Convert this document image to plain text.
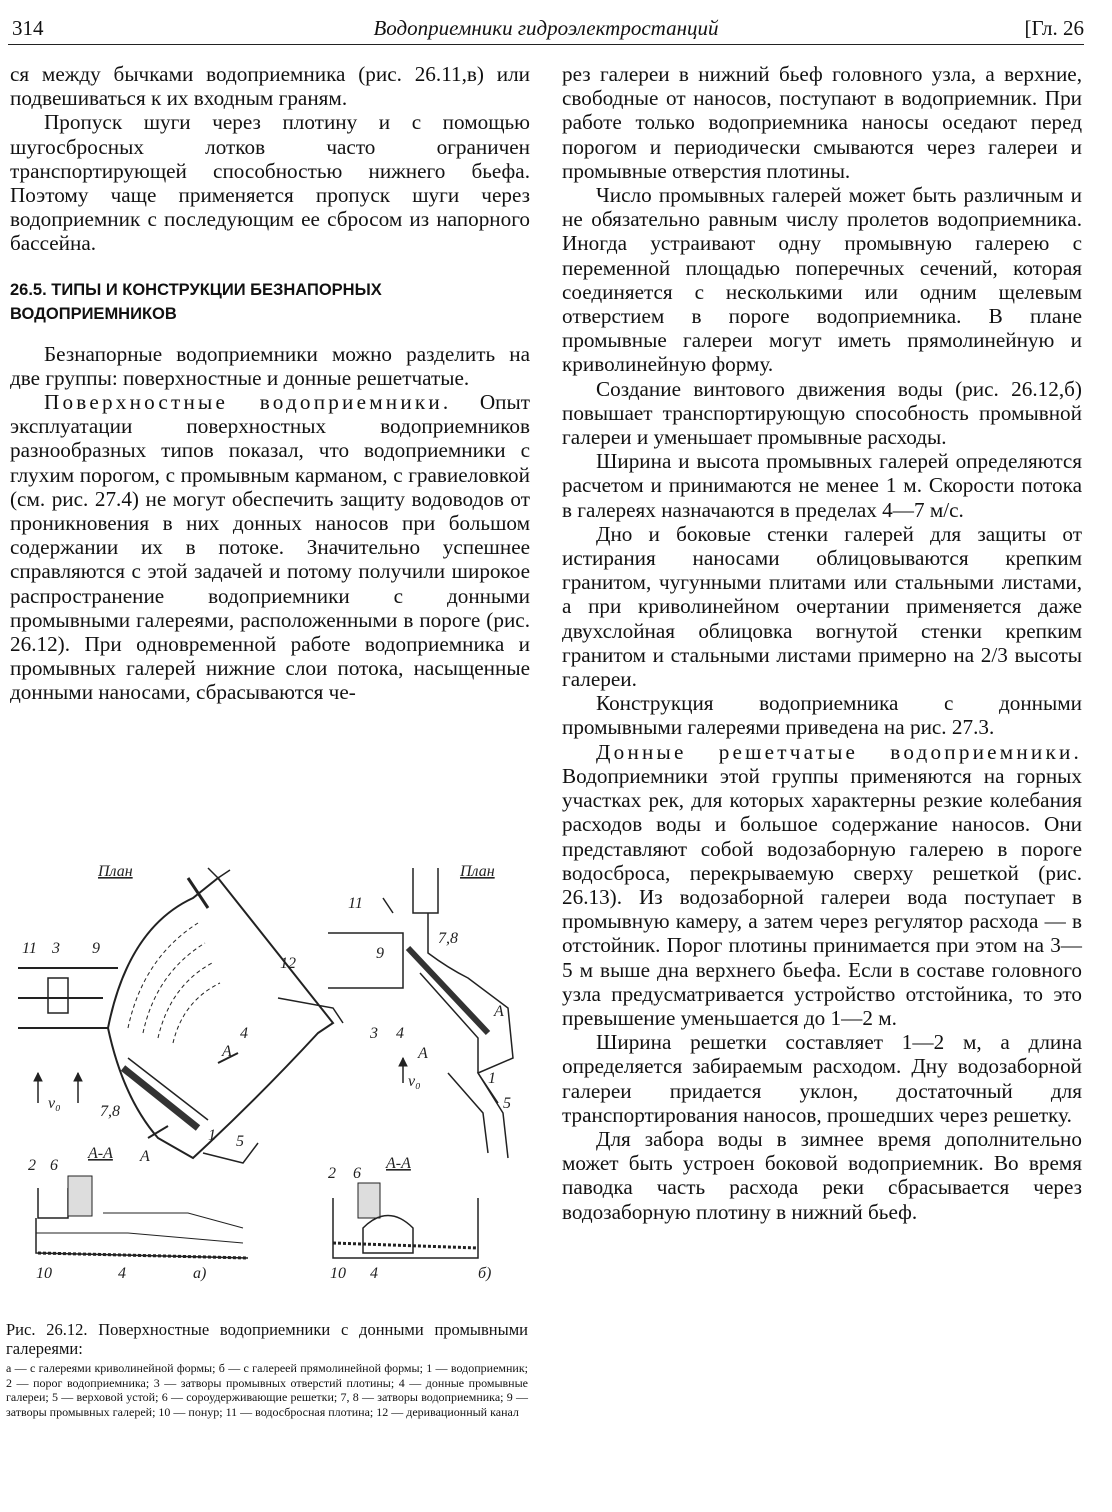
314	Водоприемники гидроэлектростанций	[Гл. 26

ся между бычками водоприемника (рис. 26.11,в) или подвешиваться к их входным граням.

Пропуск шуги через плотину и с помощью шугосбросных лотков часто ограничен транспортирующей способностью нижнего бьефа. Поэтому чаще применяется пропуск шуги через водоприемник с последующим ее сбросом из напорного бассейна.

26.5. ТИПЫ И КОНСТРУКЦИИ БЕЗНАПОРНЫХ ВОДОПРИЕМНИКОВ

Безнапорные водоприемники можно разделить на две группы: поверхностные и донные решетчатые.

Поверхностные водоприемники. Опыт эксплуатации поверхностных водоприемников разнообразных типов показал, что водоприемники с глухим порогом, с промывным карманом, с гравиеловкой (см. рис. 27.4) не могут обеспечить защиту водоводов от проникновения в них донных наносов при большом содержании их в потоке. Значительно успешнее справляются с этой задачей и потому получили широкое распространение водоприемники с донными промывными галереями, расположенными в пороге (рис. 26.12). При одновременной работе водоприемника и промывных галерей нижние слои потока, насыщенные донными наносами, сбрасываются че-

План
11 3 9
12
4
7,8
1 5
А
А
v₀
А-А
2 6
10	4	а)
План
11
9
7,8
3 4
А
А
1
5
v₀
А-А
2 6
10 4	б)
Рис. 26.12. Поверхностные водоприемники с донными промывными галереями:
а — с галереями криволинейной формы; б — с галереей прямолинейной формы; 1 — водоприемник; 2 — порог водоприемника; 3 — затворы промывных отверстий плотины; 4 — донные промывные галереи; 5 — верховой устой; 6 — сороудерживающие решетки; 7, 8 — затворы водоприемника; 9 — затворы промывных галерей; 10 — понур; 11 — водосбросная плотина; 12 — деривационный канал

рез галереи в нижний бьеф головного узла, а верхние, свободные от наносов, поступают в водоприемник. При работе только водоприемника наносы оседают перед порогом и периодически смываются через галереи и промывные отверстия плотины.

Число промывных галерей может быть различным и не обязательно равным числу пролетов водоприемника. Иногда устраивают одну промывную галерею с переменной площадью поперечных сечений, которая соединяется с несколькими или одним щелевым отверстием в пороге водоприемника. В плане промывные галереи могут иметь прямолинейную и криволинейную форму.

Создание винтового движения воды (рис. 26.12,б) повышает транспортирующую способность промывной галереи и уменьшает промывные расходы.

Ширина и высота промывных галерей определяются расчетом и принимаются не менее 1 м. Скорости потока в галереях назначаются в пределах 4—7 м/с.

Дно и боковые стенки галерей для защиты от истирания наносами облицовываются крепким гранитом, чугунными плитами или стальными листами, а при криволинейном очертании применяется даже двухслойная облицовка вогнутой стенки крепким гранитом и стальными листами примерно на 2/3 высоты галереи.

Конструкция водоприемника с донными промывными галереями приведена на рис. 27.3.

Донные решетчатые водоприемники. Водоприемники этой группы применяются на горных участках рек, для которых характерны резкие колебания расходов воды и большое содержание наносов. Они представляют собой водозаборную галерею в пороге водосброса, перекрываемую сверху решеткой (рис. 26.13). Из водозаборной галереи вода поступает в промывную камеру, а затем через регулятор расхода — в отстойник. Порог плотины принимается при этом на 3—5 м выше дна верхнего бьефа. Если в составе головного узла предусматривается устройство отстойника, то это превышение уменьшается до 1—2 м.

Ширина решетки составляет 1—2 м, а длина определяется забираемым расходом. Дну водозаборной галереи придается уклон, достаточный для транспортирования наносов, прошедших через решетку.

Для забора воды в зимнее время дополнительно может быть устроен боковой водоприемник. Во время паводка часть расхода реки сбрасывается через водозаборную плотину в нижний бьеф.
